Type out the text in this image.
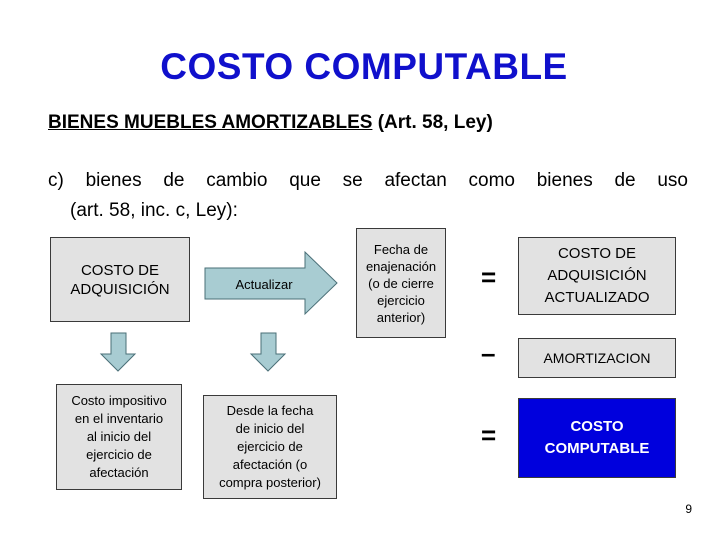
COSTO COMPUTABLE
BIENES MUEBLES AMORTIZABLES (Art. 58, Ley)
c) bienes de cambio que se afectan como bienes de uso
(art. 58, inc. c, Ley):
Actualizar
COSTO DE
ADQUISICIÓN
Fecha de
enajenación
(o de cierre
ejercicio
anterior)
=
–
=
COSTO DE
ADQUISICIÓN
ACTUALIZADO
AMORTIZACION
COSTO
COMPUTABLE
Costo impositivo
en el inventario
al inicio del
ejercicio de
afectación
Desde la fecha
de inicio del
ejercicio de
afectación (o
compra posterior)
9
